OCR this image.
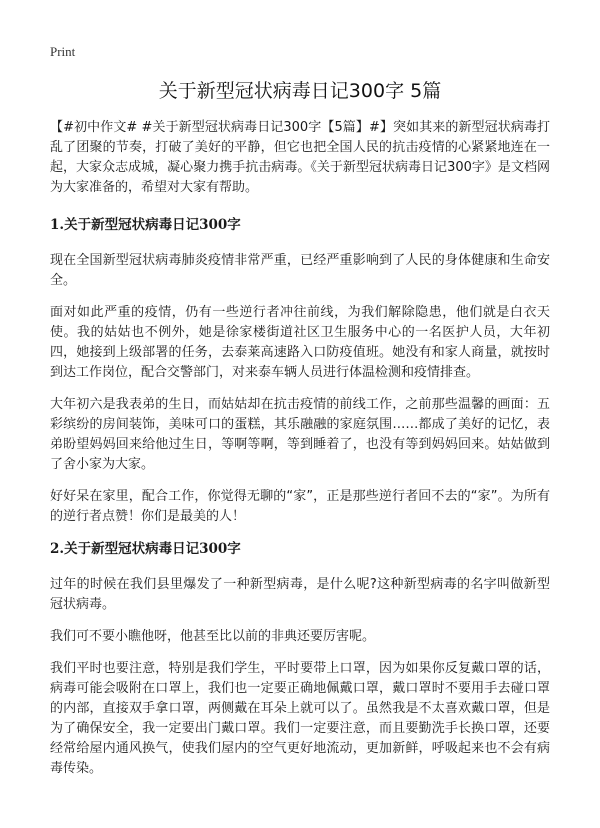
Print
关于新型冠状病毒日记300字 5篇

【#初中作文# #关于新型冠状病毒日记300字【5篇】#】突如其来的新型冠状病毒打乱了团聚的节奏，打破了美好的平静，但它也把全国人民的抗击疫情的心紧紧地连在一起，大家众志成城，凝心聚力携手抗击病毒。《关于新型冠状病毒日记300字》是文档网为大家准备的，希望对大家有帮助。

1.关于新型冠状病毒日记300字

现在全国新型冠状病毒肺炎疫情非常严重，已经严重影响到了人民的身体健康和生命安全。

面对如此严重的疫情，仍有一些逆行者冲往前线，为我们解除隐患，他们就是白衣天使。我的姑姑也不例外，她是徐家楼街道社区卫生服务中心的一名医护人员，大年初四，她接到上级部署的任务，去泰莱高速路入口防疫值班。她没有和家人商量，就按时到达工作岗位，配合交警部门，对来泰车辆人员进行体温检测和疫情排查。

大年初六是我表弟的生日，而姑姑却在抗击疫情的前线工作，之前那些温馨的画面：五彩缤纷的房间装饰，美味可口的蛋糕，其乐融融的家庭氛围……都成了美好的记忆，表弟盼望妈妈回来给他过生日，等啊等啊，等到睡着了，也没有等到妈妈回来。姑姑做到了舍小家为大家。

好好呆在家里，配合工作，你觉得无聊的“家”，正是那些逆行者回不去的“家”。为所有的逆行者点赞！你们是最美的人！

2.关于新型冠状病毒日记300字

过年的时候在我们县里爆发了一种新型病毒，是什么呢?这种新型病毒的名字叫做新型冠状病毒。

我们可不要小瞧他呀，他甚至比以前的非典还要厉害呢。

我们平时也要注意，特别是我们学生，平时要带上口罩，因为如果你反复戴口罩的话，病毒可能会吸附在口罩上，我们也一定要正确地佩戴口罩，戴口罩时不要用手去碰口罩的内部，直接双手拿口罩，两侧戴在耳朵上就可以了。虽然我是不太喜欢戴口罩，但是为了确保安全，我一定要出门戴口罩。我们一定要注意，而且要勤洗手长换口罩，还要经常给屋内通风换气，使我们屋内的空气更好地流动，更加新鲜，呼吸起来也不会有病毒传染。
